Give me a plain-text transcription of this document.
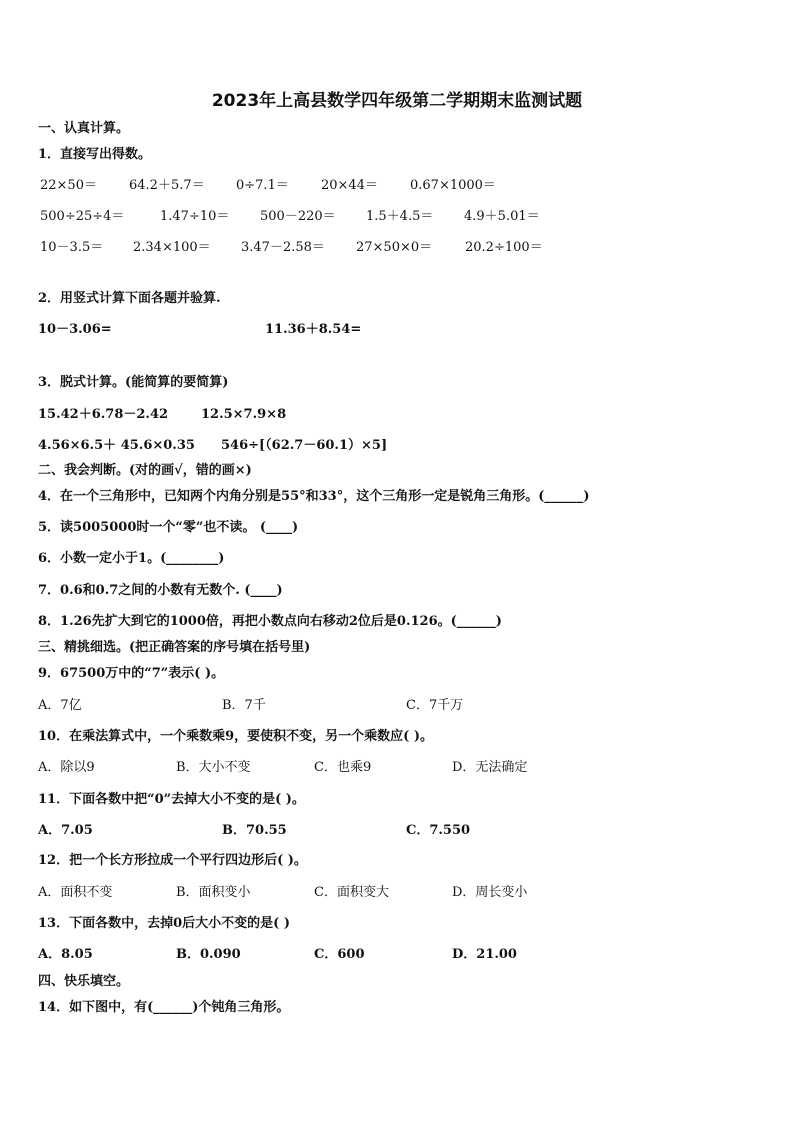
2023年上高县数学四年级第二学期期末监测试题
一、认真计算。
1．直接写出得数。
22×50＝ 64.2＋5.7＝ 0÷7.1＝ 20×44＝ 0.67×1000＝
500÷25÷4＝	1.47÷10＝ 500－220＝ 1.5＋4.5＝ 4.9＋5.01＝
10－3.5＝ 2.34×100＝ 3.47－2.58＝ 27×50×0＝	20.2÷100＝
2．用竖式计算下面各题并验算.
10－3.06=	11.36＋8.54=
3．脱式计算。(能简算的要简算)
15.42＋6.78－2.42	12.5×7.9×8
4.56×6.5＋ 45.6×0.35 546÷[（62.7－60.1）×5]
二、我会判断。(对的画√，错的画×)
4．在一个三角形中，已知两个内角分别是55°和33°，这个三角形一定是锐角三角形。(______)
5．读5005000时一个“零”也不读。 (____)
6．小数一定小于1。(________)
7．0.6和0.7之间的小数有无数个. (____)
8．1.26先扩大到它的1000倍，再把小数点向右移动2位后是0.126。(______)
三、精挑细选。(把正确答案的序号填在括号里)
9．67500万中的“7”表示( )。
A．7亿	B．7千	C．7千万
10．在乘法算式中，一个乘数乘9，要使积不变，另一个乘数应( )。
A．除以9	B．大小不变	C．也乘9	D．无法确定
11．下面各数中把“0”去掉大小不变的是( )。
A．7.05	B．70.55	C．7.550
12．把一个长方形拉成一个平行四边形后( )。
A．面积不变	B．面积变小	C．面积变大	D．周长变小
13．下面各数中，去掉0后大小不变的是( )
A．8.05	B．0.090	C．600	D．21.00
四、快乐填空。
14．如下图中，有(______)个钝角三角形。
